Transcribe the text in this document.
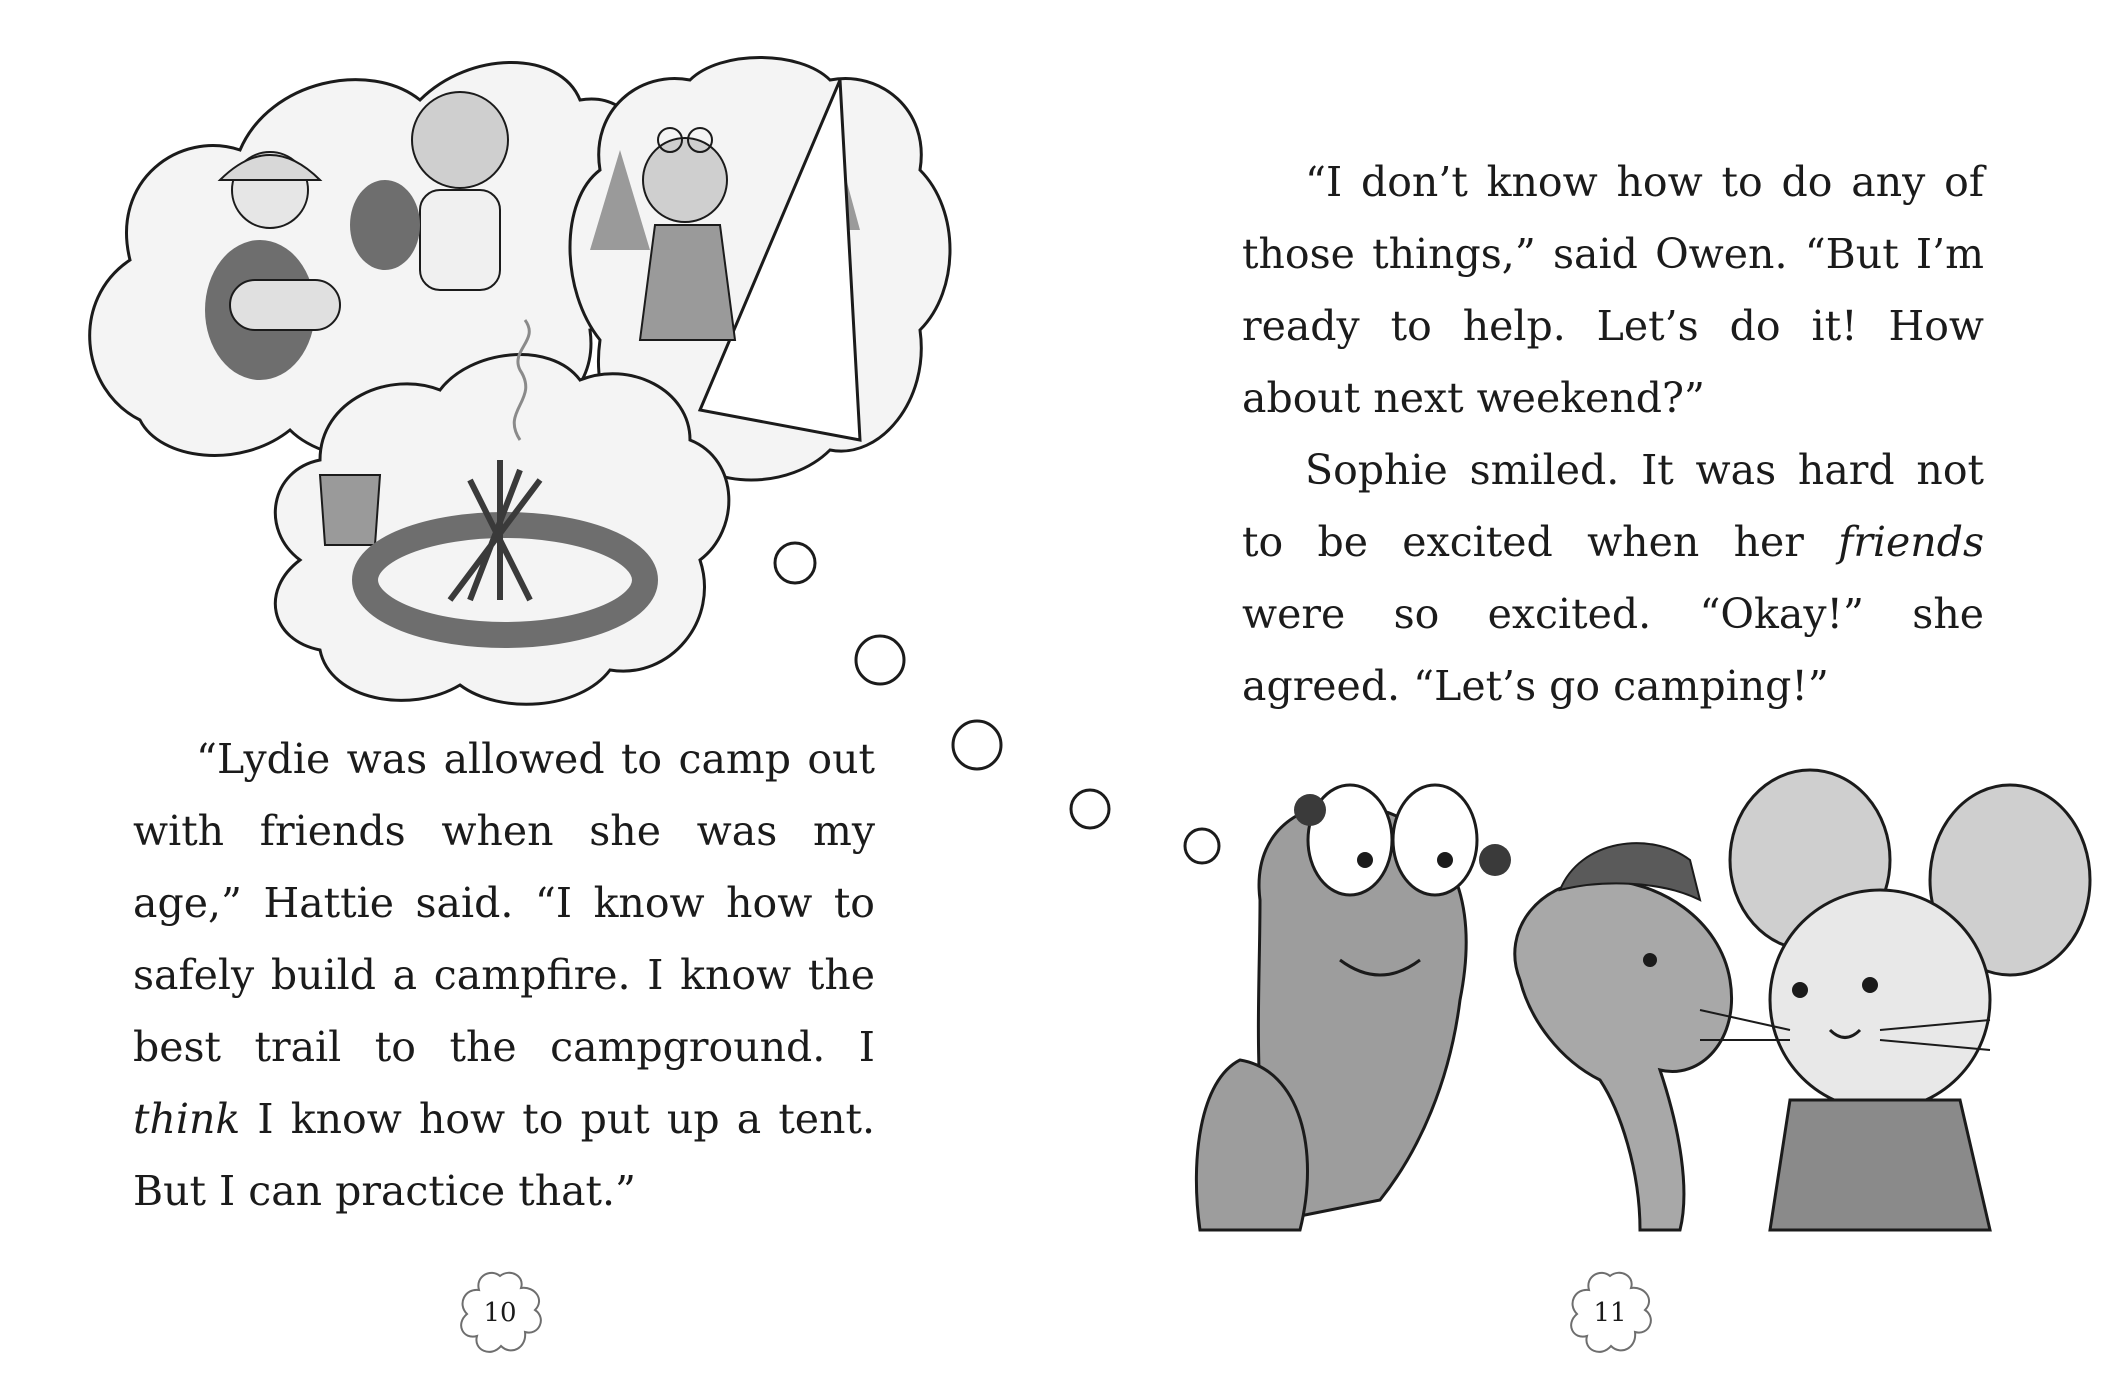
“Lydie was allowed to camp out with friends when she was my age,” Hattie said. “I know how to safely build a campfire. I know the best trail to the campground. I think I know how to put up a tent. But I can practice that.”

10

“I don’t know how to do any of those things,” said Owen. “But I’m ready to help. Let’s do it! How about next weekend?”

Sophie smiled. It was hard not to be excited when her friends were so excited. “Okay!” she agreed. “Let’s go camping!”

11
